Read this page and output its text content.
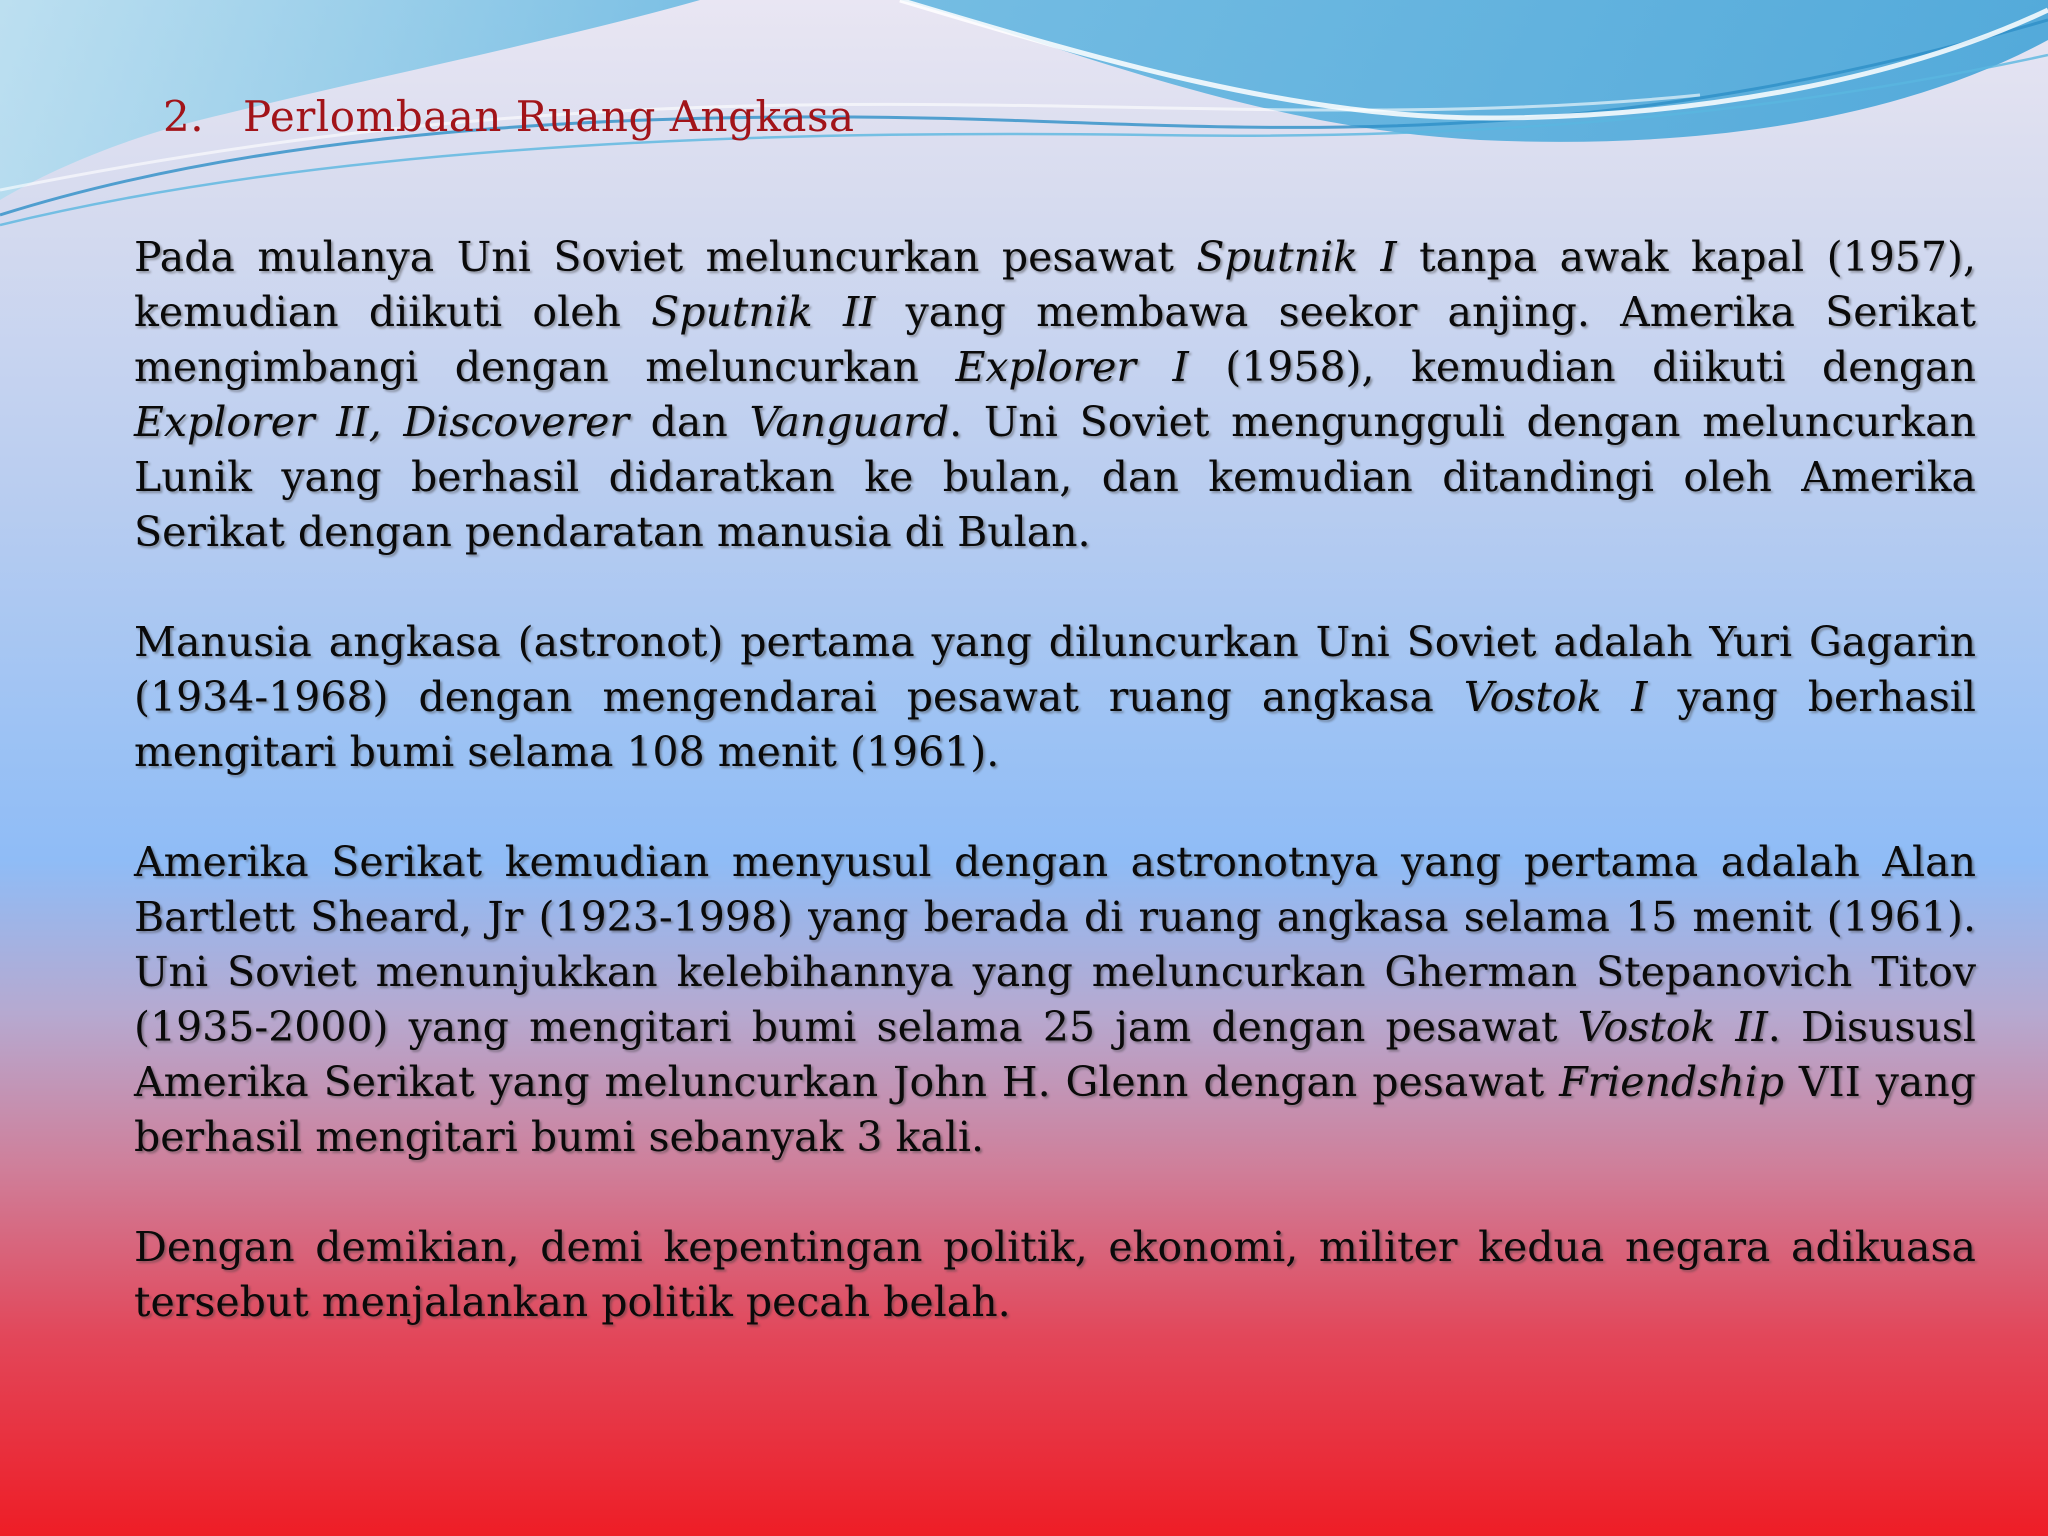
2. Perlombaan Ruang Angkasa

Pada mulanya Uni Soviet meluncurkan pesawat Sputnik I tanpa awak kapal (1957), kemudian diikuti oleh Sputnik II yang membawa seekor anjing. Amerika Serikat mengimbangi dengan meluncurkan Explorer I (1958), kemudian diikuti dengan Explorer II, Discoverer dan Vanguard. Uni Soviet mengungguli dengan meluncurkan Lunik yang berhasil didaratkan ke bulan, dan kemudian ditandingi oleh Amerika Serikat dengan pendaratan manusia di Bulan.

Manusia angkasa (astronot) pertama yang diluncurkan Uni Soviet adalah Yuri Gagarin (1934-1968) dengan mengendarai pesawat ruang angkasa Vostok I yang berhasil mengitari bumi selama 108 menit (1961).

Amerika Serikat kemudian menyusul dengan astronotnya yang pertama adalah Alan Bartlett Sheard, Jr (1923-1998) yang berada di ruang angkasa selama 15 menit (1961). Uni Soviet menunjukkan kelebihannya yang meluncurkan Gherman Stepanovich Titov (1935-2000) yang mengitari bumi selama 25 jam dengan pesawat Vostok II. Disususl Amerika Serikat yang meluncurkan John H. Glenn dengan pesawat Friendship VII yang berhasil mengitari bumi sebanyak 3 kali.

Dengan demikian, demi kepentingan politik, ekonomi, militer kedua negara adikuasa tersebut menjalankan politik pecah belah.
